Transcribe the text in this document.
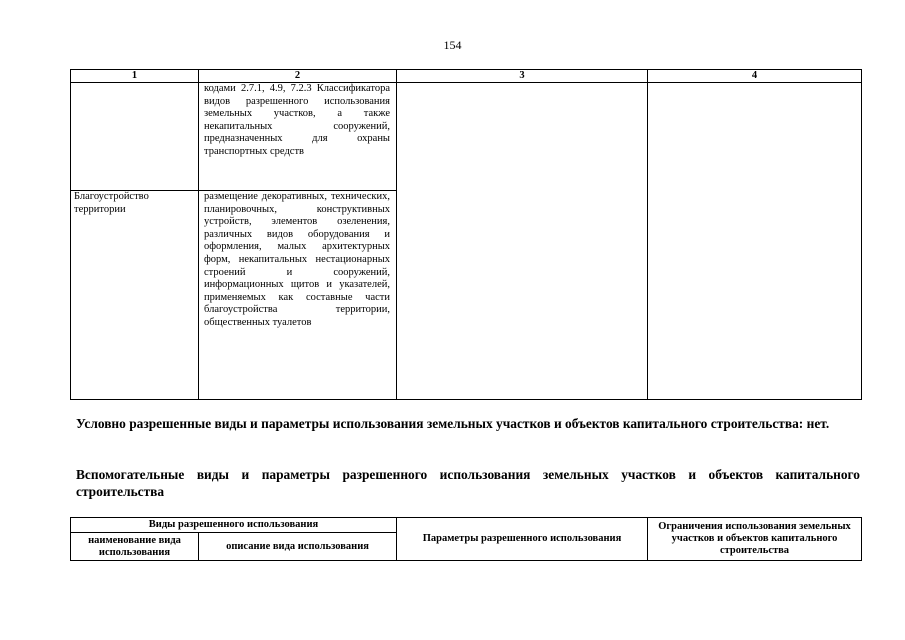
154
1	2	3	4
	кодами 2.7.1, 4.9, 7.2.3 Классификатора видов разрешенного использования земельных участков, а также некапитальных сооружений, предназначенных для охраны транспортных средств		
Благоустройство территории	размещение декоративных, технических, планировочных, конструктивных устройств, элементов озеленения, различных видов оборудования и оформления, малых архитектурных форм, некапитальных нестационарных строений и сооружений, информационных щитов и указателей, применяемых как составные части благоустройства территории, общественных туалетов		
Условно разрешенные виды и параметры использования земельных участков и объектов капитального строительства: нет.
Вспомогательные виды и параметры разрешенного использования земельных участков и объектов капитального строительства
Виды разрешенного использования		Параметры разрешенного использования	Ограничения использования земельных участков и объектов капитального строительства
наименование вида использования	описание вида использования		
